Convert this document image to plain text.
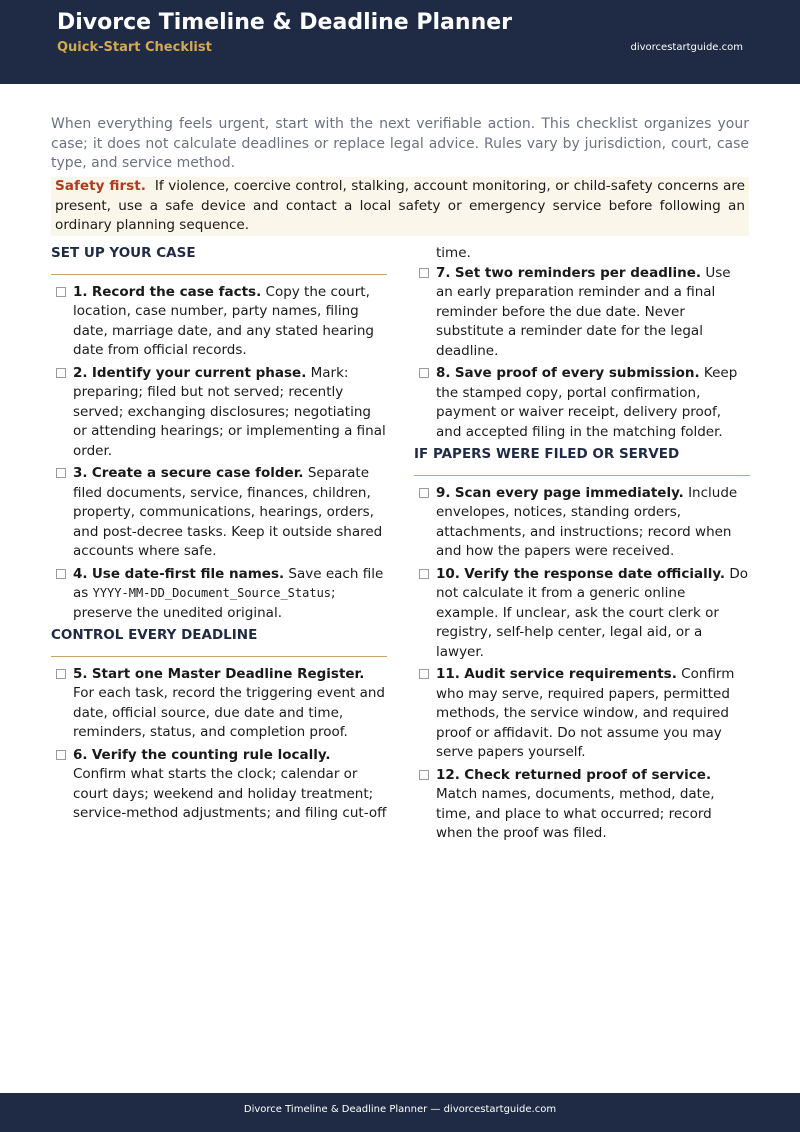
Divorce Timeline & Deadline Planner
Quick-Start Checklist	divorcestartguide.com

When everything feels urgent, start with the next verifiable action. This checklist organizes your case; it does not calculate deadlines or replace legal advice. Rules vary by jurisdiction, court, case type, and service method.

Safety first. If violence, coercive control, stalking, account monitoring, or child-safety concerns are present, use a safe device and contact a local safety or emergency service before following an ordinary planning sequence.
SET UP YOUR CASE
1. Record the case facts. Copy the court, location, case number, party names, filing date, marriage date, and any stated hearing date from official records.
2. Identify your current phase. Mark: preparing; filed but not served; recently served; exchanging disclosures; negotiating or attending hearings; or implementing a final order.
3. Create a secure case folder. Separate filed documents, service, finances, children, property, communications, hearings, orders, and post-decree tasks. Keep it outside shared accounts where safe.
4. Use date-first file names. Save each file as YYYY-MM-DD_Document_Source_Status; preserve the unedited original.
CONTROL EVERY DEADLINE
5. Start one Master Deadline Register. For each task, record the triggering event and date, official source, due date and time, reminders, status, and completion proof.
6. Verify the counting rule locally. Confirm what starts the clock; calendar or court days; weekend and holiday treatment; service-method adjustments; and filing cut-off
time.
7. Set two reminders per deadline. Use an early preparation reminder and a final reminder before the due date. Never substitute a reminder date for the legal deadline.
8. Save proof of every submission. Keep the stamped copy, portal confirmation, payment or waiver receipt, delivery proof, and accepted filing in the matching folder.
IF PAPERS WERE FILED OR SERVED
9. Scan every page immediately. Include envelopes, notices, standing orders, attachments, and instructions; record when and how the papers were received.
10. Verify the response date officially. Do not calculate it from a generic online example. If unclear, ask the court clerk or registry, self-help center, legal aid, or a lawyer.
11. Audit service requirements. Confirm who may serve, required papers, permitted methods, the service window, and required proof or affidavit. Do not assume you may serve papers yourself.
12. Check returned proof of service. Match names, documents, method, date, time, and place to what occurred; record when the proof was filed.
Divorce Timeline & Deadline Planner — divorcestartguide.com
